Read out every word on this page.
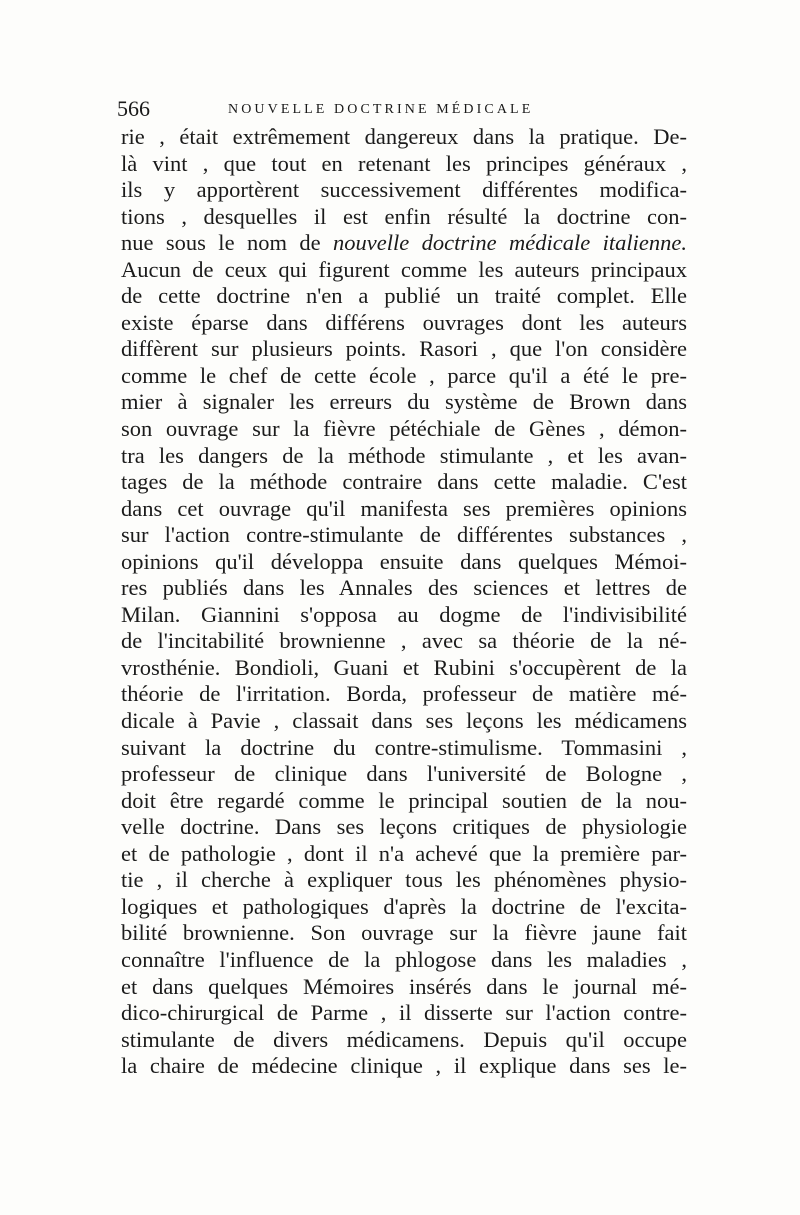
566	NOUVELLE DOCTRINE MÉDICALE
rie , était extrêmement dangereux dans la pratique. De-
là vint , que tout en retenant les principes généraux ,
ils y apportèrent successivement différentes modifica-
tions , desquelles il est enfin résulté la doctrine con-
nue sous le nom de nouvelle doctrine médicale italienne.
Aucun de ceux qui figurent comme les auteurs principaux
de cette doctrine n'en a publié un traité complet. Elle
existe éparse dans différens ouvrages dont les auteurs
diffèrent sur plusieurs points. Rasori , que l'on considère
comme le chef de cette école , parce qu'il a été le pre-
mier à signaler les erreurs du système de Brown dans
son ouvrage sur la fièvre pétéchiale de Gènes , démon-
tra les dangers de la méthode stimulante , et les avan-
tages de la méthode contraire dans cette maladie. C'est
dans cet ouvrage qu'il manifesta ses premières opinions
sur l'action contre-stimulante de différentes substances ,
opinions qu'il développa ensuite dans quelques Mémoi-
res publiés dans les Annales des sciences et lettres de
Milan. Giannini s'opposa au dogme de l'indivisibilité
de l'incitabilité brownienne , avec sa théorie de la né-
vrosthénie. Bondioli, Guani et Rubini s'occupèrent de la
théorie de l'irritation. Borda, professeur de matière mé-
dicale à Pavie , classait dans ses leçons les médicamens
suivant la doctrine du contre-stimulisme. Tommasini ,
professeur de clinique dans l'université de Bologne ,
doit être regardé comme le principal soutien de la nou-
velle doctrine. Dans ses leçons critiques de physiologie
et de pathologie , dont il n'a achevé que la première par-
tie , il cherche à expliquer tous les phénomènes physio-
logiques et pathologiques d'après la doctrine de l'excita-
bilité brownienne. Son ouvrage sur la fièvre jaune fait
connaître l'influence de la phlogose dans les maladies ,
et dans quelques Mémoires insérés dans le journal mé-
dico-chirurgical de Parme , il disserte sur l'action contre-
stimulante de divers médicamens. Depuis qu'il occupe
la chaire de médecine clinique , il explique dans ses le-
